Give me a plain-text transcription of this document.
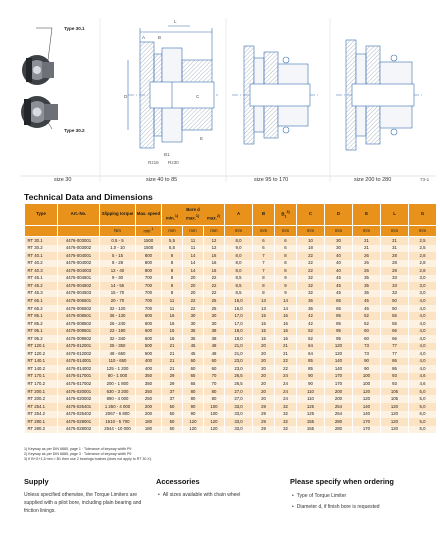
Type 30.1
Type 30.2
L
A	B
D	C
E
B1
Rz16 Rz30
size 30	size 40 to 85	size 95 to 170	size 200 to 280	73-1
Technical Data and Dimensions
Type	Art.-No.	Slipping torque	Max. speed	Bore d
min.$^{1)}$ max.$^{1)}$ max.$^{2)}$			A	B	$B_1^{3)}$	C	D	E	L	G
		Nm	$\min^{-1}$	mm	mm	mm	mm	mm	mm	mm	mm	mm	mm	mm
RT 30.1	4476-003001	0.5 - 5	1500	5,5	11	12	8,0	6	6	10	30	21	21	2,5
RT 30.2	4476-003002	1.0 - 10	1500	5,5	11	12	9,0	6	6	18	30	21	31	2,5
RT 40.1	4476-004001	5 - 15	800	8	14	16	8,0	7	8	22	40	26	28	2,8
RT 40.2	4476-004002	8 - 28	800	8	14	16	8,0	7	8	22	40	26	28	2,8
RT 40.3	4476-004003	12 - 40	800	8	14	16	8,0	7	8	22	40	26	28	2,8
RT 45.1	4476-004501	9 - 30	700	8	20	22	8,5	8	9	32	45	35	33	3,0
RT 45.2	4476-004502	14 - 55	700	8	20	22	8,5	8	9	32	45	35	33	3,0
RT 45.3	4476-004503	15 - 70	700	8	20	22	8,5	8	9	32	45	35	33	3,0
RT 65.1	4476-006501	20 - 70	700	11	22	25	16,0	13	14	36	65	45	50	4,0
RT 65.2	4476-006502	32 - 120	700	11	22	25	16,0	13	14	36	65	45	50	4,0
RT 85.1	4476-008501	36 - 130	600	16	30	30	17,0	15	16	42	85	52	55	4,0
RT 85.2	4476-008502	26 - 240	600	16	30	30	17,0	15	16	42	85	52	55	4,0
RT 95.1	4476-009501	22 - 190	600	16	35	38	18,0	15	16	52	95	60	66	4,0
RT 95.2	4476-009502	32 - 340	600	16	35	38	18,0	15	16	52	95	60	66	4,0
RT 120.1	4476-012001	25 - 350	500	21	45	48	21,0	20	21	64	120	73	77	4,0
RT 120.2	4476-012002	48 - 650	500	21	45	48	21,0	20	21	64	120	73	77	4,0
RT 140.1	4476-014001	110 - 650	400	21	60	60	23,0	20	22	85	140	90	86	4,0
RT 140.2	4476-014002	125 - 1 200	400	21	60	60	23,0	20	22	85	140	90	86	4,0
RT 170.1	4476-017001	80 - 1 000	350	29	65	70	26,5	20	24	90	170	100	93	4,6
RT 170.2	4476-017002	200 - 1 800	350	29	65	70	26,5	20	24	90	170	100	93	4,6
RT 200.1	4476-020001	630 - 3 200	250	37	80	80	27,0	20	24	110	200	120	105	5,0
RT 200.2	4476-020002	890 - 4 000	250	37	80	80	27,0	20	24	110	200	120	105	5,0
RT 254.1	4476-025401	1 250 - 4 000	200	50	90	100	33,0	29	32	125	254	140	120	5,0
RT 254.2	4476-025402	2067 - 6 800	200	50	90	100	33,0	29	32	125	254	140	120	5,0
RT 280.1	4476-028001	1510 - 5 700	180	50	120	120	33,0	29	32	155	280	170	120	5,0
RT 280.2	4476-028002	2544 - 10 000	180	50	120	120	33,0	29	32	155	280	170	120	5,0
1) Keyway as per DIN 6885, page 1 · Tolerance of keyway width P9
2) Keyway as per DIN 6885, page 3 · Tolerance of keyway width P9
3) If B+G+1,5 mm > B1 then use 2 bearings bushes (does not apply to RT 30.X).
Supply
Unless specified otherwise, the Torque Limiters are supplied with a pilot bore, including plain bearing and friction linings.
Accessories
• All sizes available with chain wheel
Please specify when ordering
• Type of Torque Limiter
• Diameter d, if finish bore is requested
